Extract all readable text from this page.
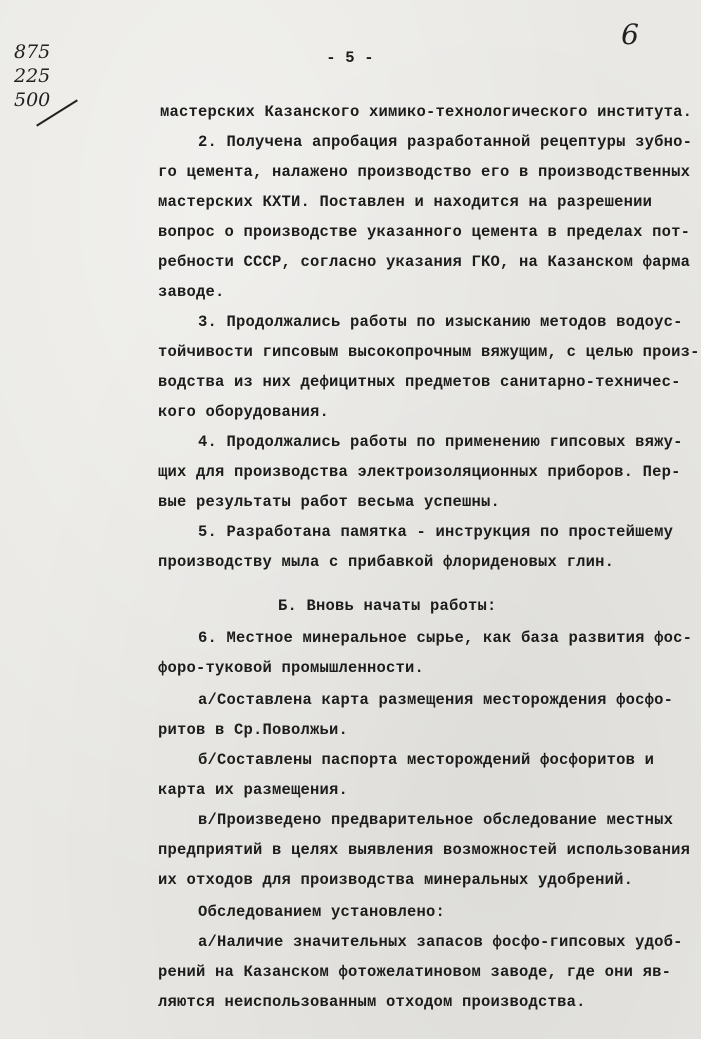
6
875
225
500
- 5 -
мастерских Казанского химико-технологического института.
2. Получена апробация разработанной рецептуры зубно-
го цемента, налажено производство его в производственных
мастерских КХТИ. Поставлен и находится на разрешении
вопрос о производстве указанного цемента в пределах пот-
ребности СССР, согласно указания ГКО, на Казанском фарма
заводе.
3. Продолжались работы по изысканию методов водоус-
тойчивости гипсовым высокопрочным вяжущим, с целью произ-
водства из них дефицитных предметов санитарно-техничес-
кого оборудования.
4. Продолжались работы по применению гипсовых вяжу-
щих для производства электроизоляционных приборов. Пер-
вые результаты работ весьма успешны.
5. Разработана памятка - инструкция по простейшему
производству мыла с прибавкой флориденовых глин.
Б. Вновь начаты работы:
6. Местное минеральное сырье, как база развития фос-
форо-туковой промышленности.
а/Составлена карта размещения месторождения фосфо-
ритов в Ср.Поволжьи.
б/Составлены паспорта месторождений фосфоритов и
карта их размещения.
в/Произведено предварительное обследование местных
предприятий в целях выявления возможностей использования
их отходов для производства минеральных удобрений.
Обследованием установлено:
а/Наличие значительных запасов фосфо-гипсовых удоб-
рений на Казанском фотожелатиновом заводе, где они яв-
ляются неиспользованным отходом производства.
